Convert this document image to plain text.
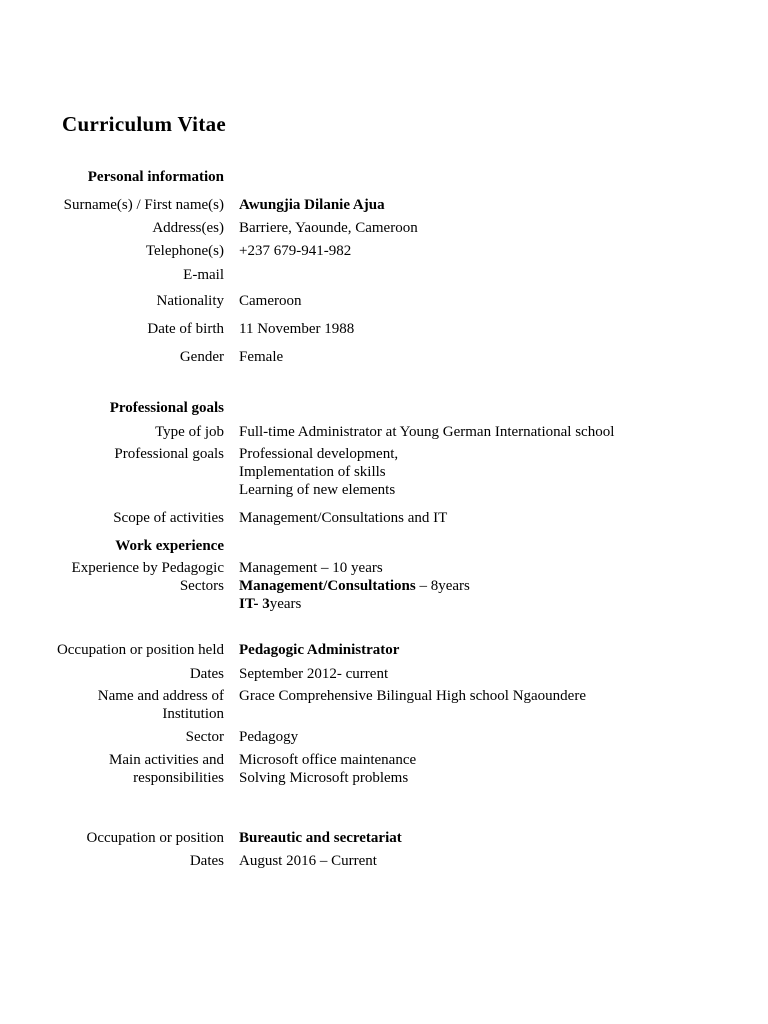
Curriculum Vitae
Personal information
Surname(s) / First name(s) Awungjia Dilanie Ajua
Address(es) Barriere, Yaounde, Cameroon
Telephone(s) +237 679-941-982
E-mail
Nationality Cameroon
Date of birth 11 November 1988
Gender Female
Professional goals
Type of job Full-time Administrator at Young German International school
Professional goals Professional development,
Implementation of skills
Learning of new elements
Scope of activities Management/Consultations and IT
Work experience
Experience by Pedagogic
Sectors
Management – 10 years
Management/Consultations – 8years
IT- 3years
Occupation or position held Pedagogic Administrator
Dates September 2012- current
Name and address of
Institution
Grace Comprehensive Bilingual High school Ngaoundere
Sector Pedagogy
Main activities and
responsibilities
Microsoft office maintenance
Solving Microsoft problems
Occupation or position Bureautic and secretariat
Dates August 2016 – Current
